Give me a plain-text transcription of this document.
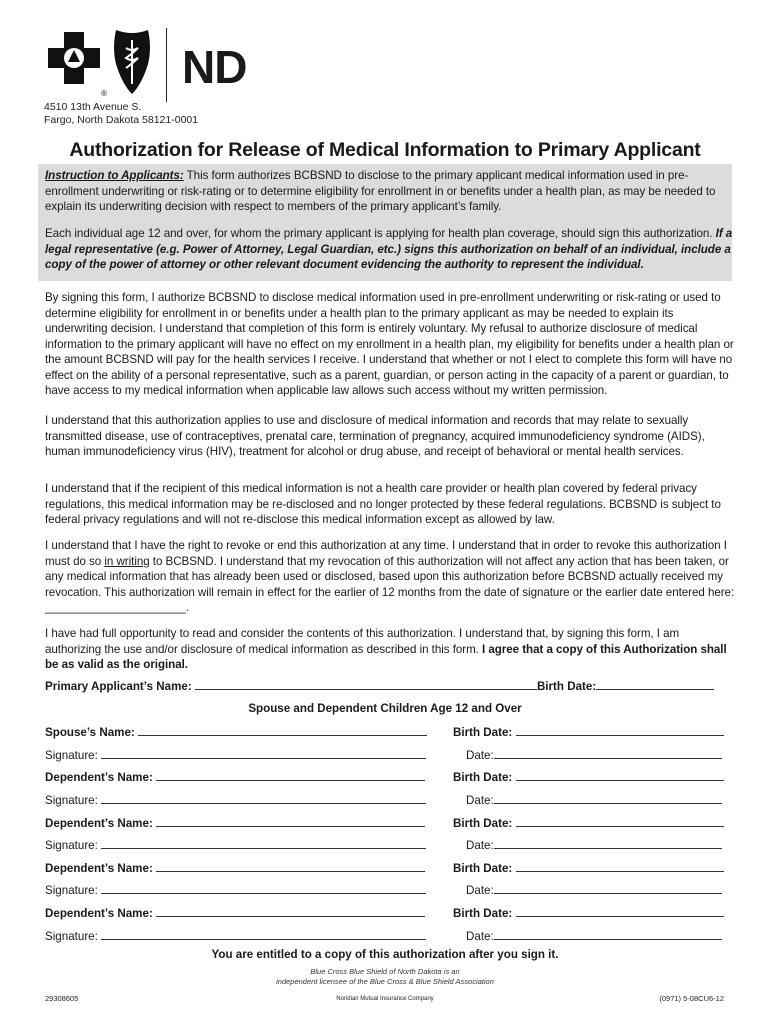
®
ND
4510 13th Avenue S.
Fargo, North Dakota 58121-0001
Authorization for Release of Medical Information to Primary Applicant
Instruction to Applicants: This form authorizes BCBSND to disclose to the primary applicant medical information used in pre-enrollment underwriting or risk-rating or to determine eligibility for enrollment in or benefits under a health plan, as may be needed to explain its underwriting decision with respect to members of the primary applicant’s family.
Each individual age 12 and over, for whom the primary applicant is applying for health plan coverage, should sign this authorization. If a legal representative (e.g. Power of Attorney, Legal Guardian, etc.) signs this authorization on behalf of an individual, include a copy of the power of attorney or other relevant document evidencing the authority to represent the individual.
By signing this form, I authorize BCBSND to disclose medical information used in pre-enrollment underwriting or risk-rating or used to determine eligibility for enrollment in or benefits under a health plan to the primary applicant as may be needed to explain its underwriting decision. I understand that completion of this form is entirely voluntary. My refusal to authorize disclosure of medical information to the primary applicant will have no effect on my enrollment in a health plan, my eligibility for benefits under a health plan or the amount BCBSND will pay for the health services I receive. I understand that whether or not I elect to complete this form will have no effect on the ability of a personal representative, such as a parent, guardian, or person acting in the capacity of a parent or guardian, to have access to my medical information when applicable law allows such access without my written permission.
I understand that this authorization applies to use and disclosure of medical information and records that may relate to sexually transmitted disease, use of contraceptives, prenatal care, termination of pregnancy, acquired immunodeficiency syndrome (AIDS), human immunodeficiency virus (HIV), treatment for alcohol or drug abuse, and receipt of behavioral or mental health services.
I understand that if the recipient of this medical information is not a health care provider or health plan covered by federal privacy regulations, this medical information may be re-disclosed and no longer protected by these federal regulations. BCBSND is subject to federal privacy regulations and will not re-disclose this medical information except as allowed by law.
I understand that I have the right to revoke or end this authorization at any time. I understand that in order to revoke this authorization I must do so in writing to BCBSND. I understand that my revocation of this authorization will not affect any action that has been taken, or any medical information that has already been used or disclosed, based upon this authorization before BCBSND actually received my revocation. This authorization will remain in effect for the earlier of 12 months from the date of signature or the earlier date entered here: ______________________.
I have had full opportunity to read and consider the contents of this authorization. I understand that, by signing this form, I am authorizing the use and/or disclosure of medical information as described in this form. I agree that a copy of this Authorization shall be as valid as the original.
Primary Applicant’s Name:	Birth Date:
Spouse and Dependent Children Age 12 and Over
Spouse’s Name:	Birth Date:
Signature:	Date:
Dependent’s Name:	Birth Date:
Signature:	Date:
Dependent’s Name:	Birth Date:
Signature:	Date:
Dependent’s Name:	Birth Date:
Signature:	Date:
Dependent’s Name:	Birth Date:
Signature:	Date:
You are entitled to a copy of this authorization after you sign it.
Blue Cross Blue Shield of North Dakota is an
independent licensee of the Blue Cross & Blue Shield Association
29308605	Noridian Mutual Insurance Company	(0971) 5-08CU6-12
